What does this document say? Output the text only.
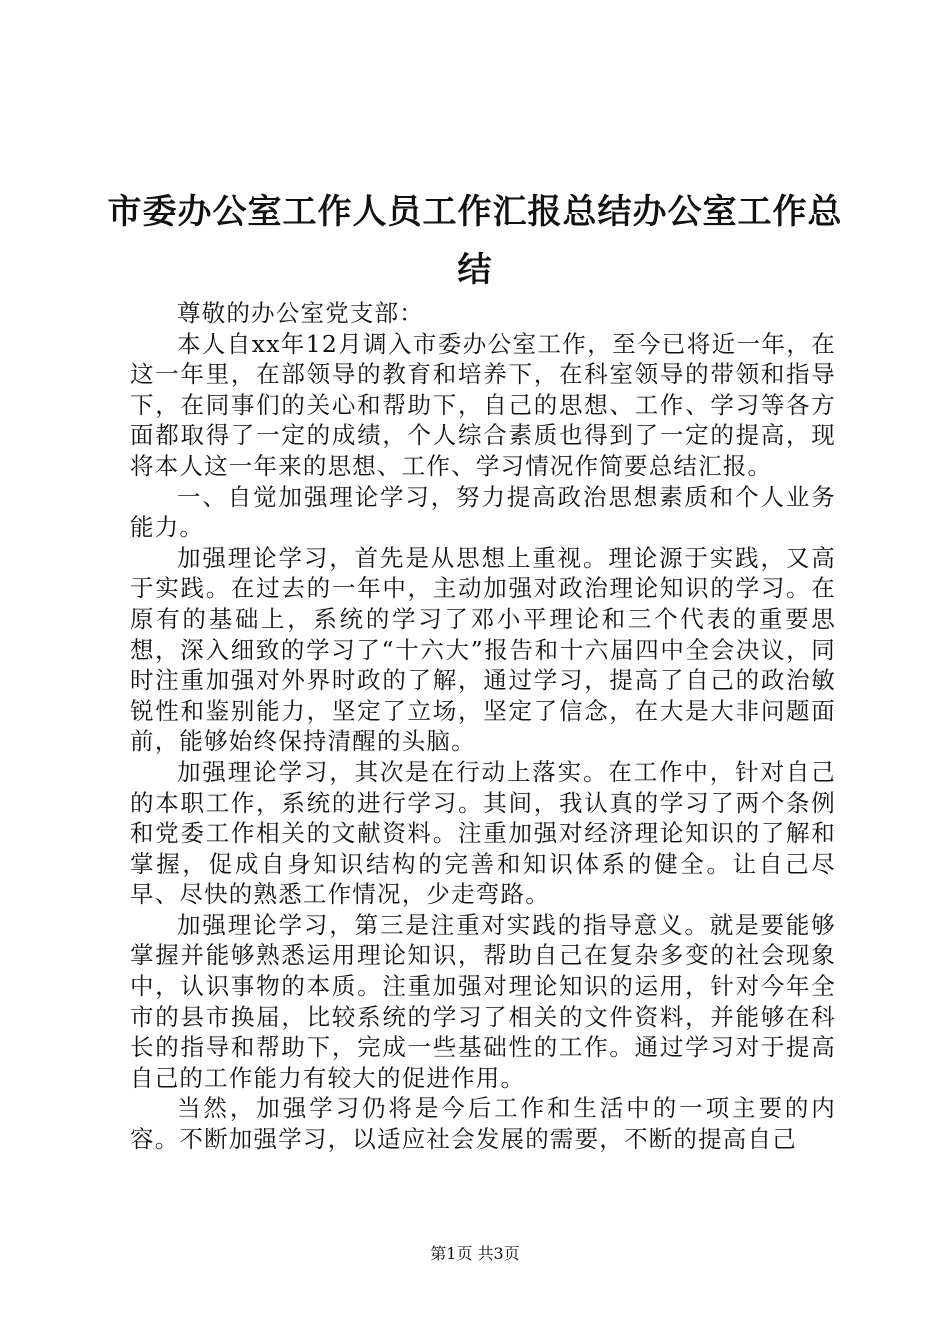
市委办公室工作人员工作汇报总结办公室工作总结

尊敬的办公室党支部：

本人自xx年12月调入市委办公室工作，至今已将近一年，在这一年里，在部领导的教育和培养下，在科室领导的带领和指导下，在同事们的关心和帮助下，自己的思想、工作、学习等各方面都取得了一定的成绩，个人综合素质也得到了一定的提高，现将本人这一年来的思想、工作、学习情况作简要总结汇报。

一、自觉加强理论学习，努力提高政治思想素质和个人业务能力。

加强理论学习，首先是从思想上重视。理论源于实践，又高于实践。在过去的一年中，主动加强对政治理论知识的学习。在原有的基础上，系统的学习了邓小平理论和三个代表的重要思想，深入细致的学习了“十六大”报告和十六届四中全会决议，同时注重加强对外界时政的了解，通过学习，提高了自己的政治敏锐性和鉴别能力，坚定了立场，坚定了信念，在大是大非问题面前，能够始终保持清醒的头脑。

加强理论学习，其次是在行动上落实。在工作中，针对自己的本职工作，系统的进行学习。其间，我认真的学习了两个条例和党委工作相关的文献资料。注重加强对经济理论知识的了解和掌握，促成自身知识结构的完善和知识体系的健全。让自己尽早、尽快的熟悉工作情况，少走弯路。

加强理论学习，第三是注重对实践的指导意义。就是要能够掌握并能够熟悉运用理论知识，帮助自己在复杂多变的社会现象中，认识事物的本质。注重加强对理论知识的运用，针对今年全市的县市换届，比较系统的学习了相关的文件资料，并能够在科长的指导和帮助下，完成一些基础性的工作。通过学习对于提高自己的工作能力有较大的促进作用。

当然，加强学习仍将是今后工作和生活中的一项主要的内容。不断加强学习，以适应社会发展的需要，不断的提高自己

第1页 共3页
